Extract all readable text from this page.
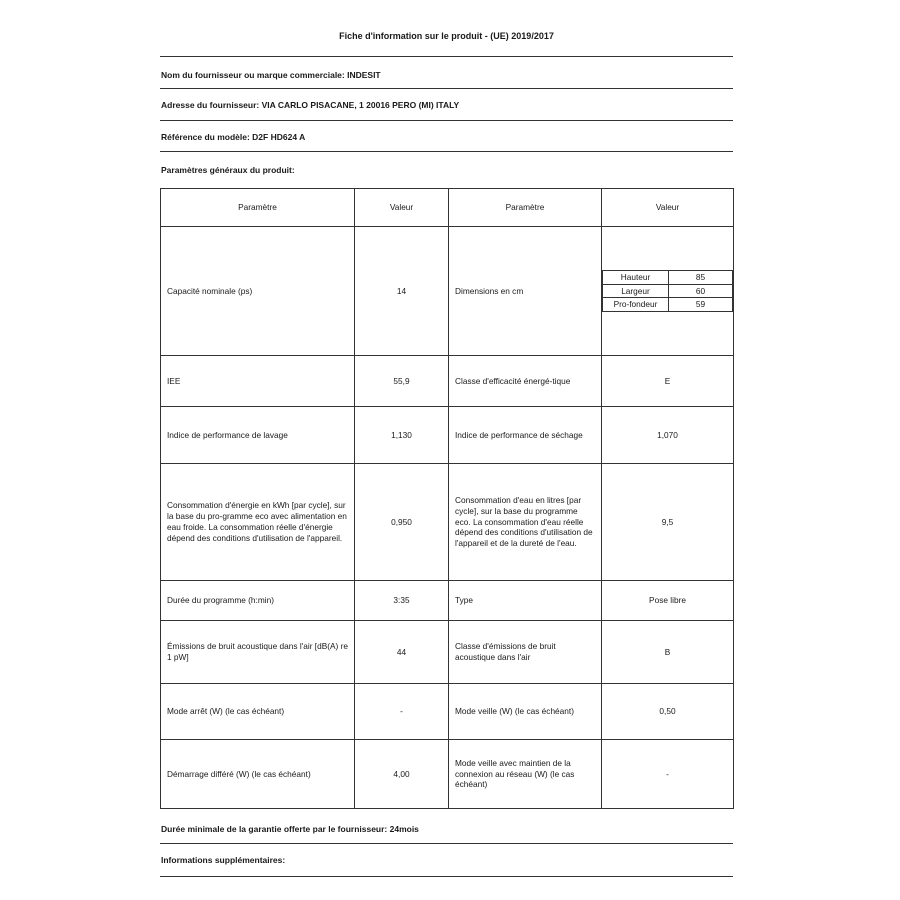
Fiche d'information sur le produit - (UE) 2019/2017
Nom du fournisseur ou marque commerciale: INDESIT
Adresse du fournisseur: VIA CARLO PISACANE, 1 20016 PERO (MI) ITALY
Référence du modèle: D2F HD624 A
Paramètres généraux du produit:
Paramètre	Valeur	Paramètre	Valeur
Capacité nominale (ps)	14	Dimensions en cm	
Hauteur	85
Largeur	60
Pro-fondeur	59

IEE	55,9	Classe d'efficacité énergé-tique	E
Indice de performance de lavage	1,130	Indice de performance de séchage	1,070
Consommation d'énergie en kWh [par cycle], sur la base du pro-gramme eco avec alimentation en eau froide. La consommation réelle d'énergie dépend des conditions d'utilisation de l'appareil.	0,950	Consommation d'eau en litres [par cycle], sur la base du programme eco. La consommation d'eau réelle dépend des conditions d'utilisation de l'appareil et de la dureté de l'eau.	9,5
Durée du programme (h:min)	3:35	Type	Pose libre
Émissions de bruit acoustique dans l'air [dB(A) re 1 pW]	44	Classe d'émissions de bruit acoustique dans l'air	B
Mode arrêt (W) (le cas échéant)	-	Mode veille (W) (le cas échéant)	0,50
Démarrage différé (W) (le cas échéant)	4,00	Mode veille avec maintien de la connexion au réseau (W) (le cas échéant)	-
Durée minimale de la garantie offerte par le fournisseur: 24mois
Informations supplémentaires:
